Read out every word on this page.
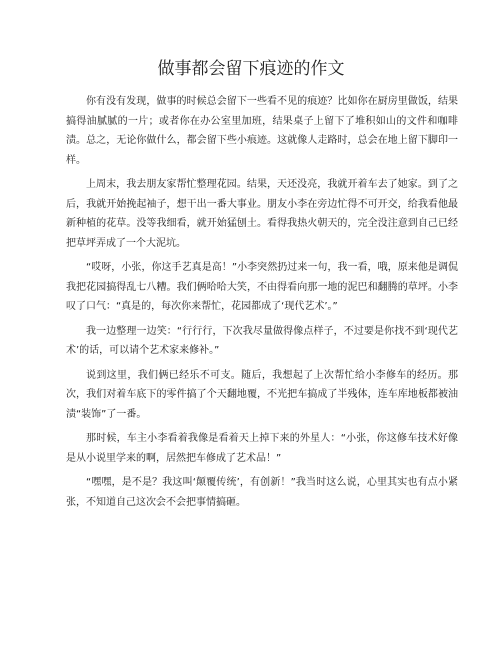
做事都会留下痕迹的作文

你有没有发现，做事的时候总会留下一些看不见的痕迹？比如你在厨房里做饭，结果搞得油腻腻的一片；或者你在办公室里加班，结果桌子上留下了堆积如山的文件和咖啡渍。总之，无论你做什么，都会留下些小痕迹。这就像人走路时，总会在地上留下脚印一样。

上周末，我去朋友家帮忙整理花园。结果，天还没亮，我就开着车去了她家。到了之后，我就开始挽起袖子，想干出一番大事业。朋友小李在旁边忙得不可开交，给我看他最新种植的花草。没等我细看，就开始猛刨土。看得我热火朝天的，完全没注意到自己已经把草坪弄成了一个大泥坑。

“哎呀，小张，你这手艺真是高！”小李突然扔过来一句，我一看，哦，原来他是调侃我把花园搞得乱七八糟。我们俩哈哈大笑，不由得看向那一地的泥巴和翻腾的草坪。小李叹了口气：“真是的，每次你来帮忙，花园都成了‘现代艺术’。”

我一边整理一边笑：“行行行，下次我尽量做得像点样子，不过要是你找不到‘现代艺术’的话，可以请个艺术家来修补。”

说到这里，我们俩已经乐不可支。随后，我想起了上次帮忙给小李修车的经历。那次，我们对着车底下的零件搞了个天翻地覆，不光把车搞成了半残体，连车库地板都被油渍“装饰”了一番。

那时候，车主小李看着我像是看着天上掉下来的外星人：“小张，你这修车技术好像是从小说里学来的啊，居然把车修成了艺术品！”

“嘿嘿，是不是？我这叫‘颠覆传统’，有创新！”我当时这么说，心里其实也有点小紧张，不知道自己这次会不会把事情搞砸。
